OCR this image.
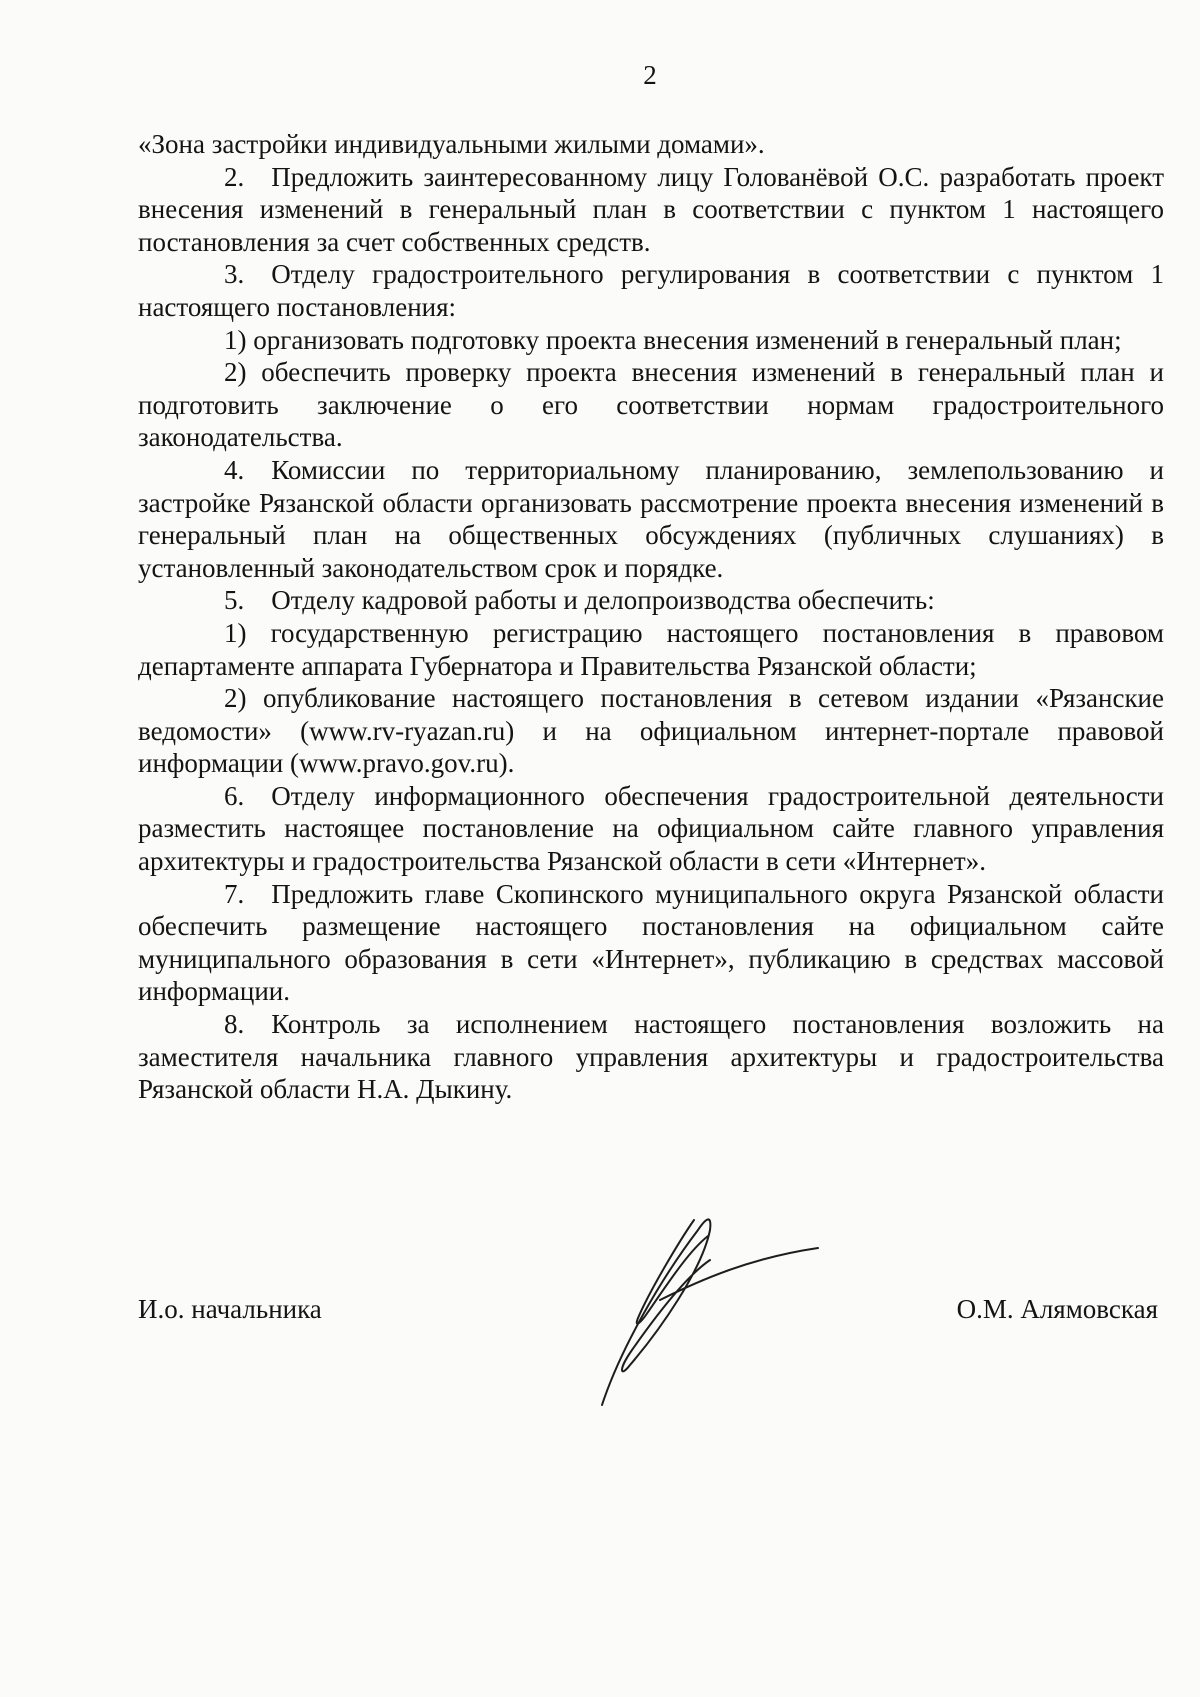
2

«Зона застройки индивидуальными жилыми домами».

2. Предложить заинтересованному лицу Голованёвой О.С. разработать проект внесения изменений в генеральный план в соответствии с пунктом 1 настоящего постановления за счет собственных средств.

3. Отделу градостроительного регулирования в соответствии с пунктом 1 настоящего постановления:

1) организовать подготовку проекта внесения изменений в генеральный план;

2) обеспечить проверку проекта внесения изменений в генеральный план и подготовить заключение о его соответствии нормам градостроительного законодательства.

4. Комиссии по территориальному планированию, землепользованию и застройке Рязанской области организовать рассмотрение проекта внесения изменений в генеральный план на общественных обсуждениях (публичных слушаниях) в установленный законодательством срок и порядке.

5. Отделу кадровой работы и делопроизводства обеспечить:

1) государственную регистрацию настоящего постановления в правовом департаменте аппарата Губернатора и Правительства Рязанской области;

2) опубликование настоящего постановления в сетевом издании «Рязанские ведомости» (www.rv-ryazan.ru) и на официальном интернет-портале правовой информации (www.pravo.gov.ru).

6. Отделу информационного обеспечения градостроительной деятельности разместить настоящее постановление на официальном сайте главного управления архитектуры и градостроительства Рязанской области в сети «Интернет».

7. Предложить главе Скопинского муниципального округа Рязанской области обеспечить размещение настоящего постановления на официальном сайте муниципального образования в сети «Интернет», публикацию в средствах массовой информации.

8. Контроль за исполнением настоящего постановления возложить на заместителя начальника главного управления архитектуры и градостроительства Рязанской области Н.А. Дыкину.

И.о. начальника	О.М. Алямовская
